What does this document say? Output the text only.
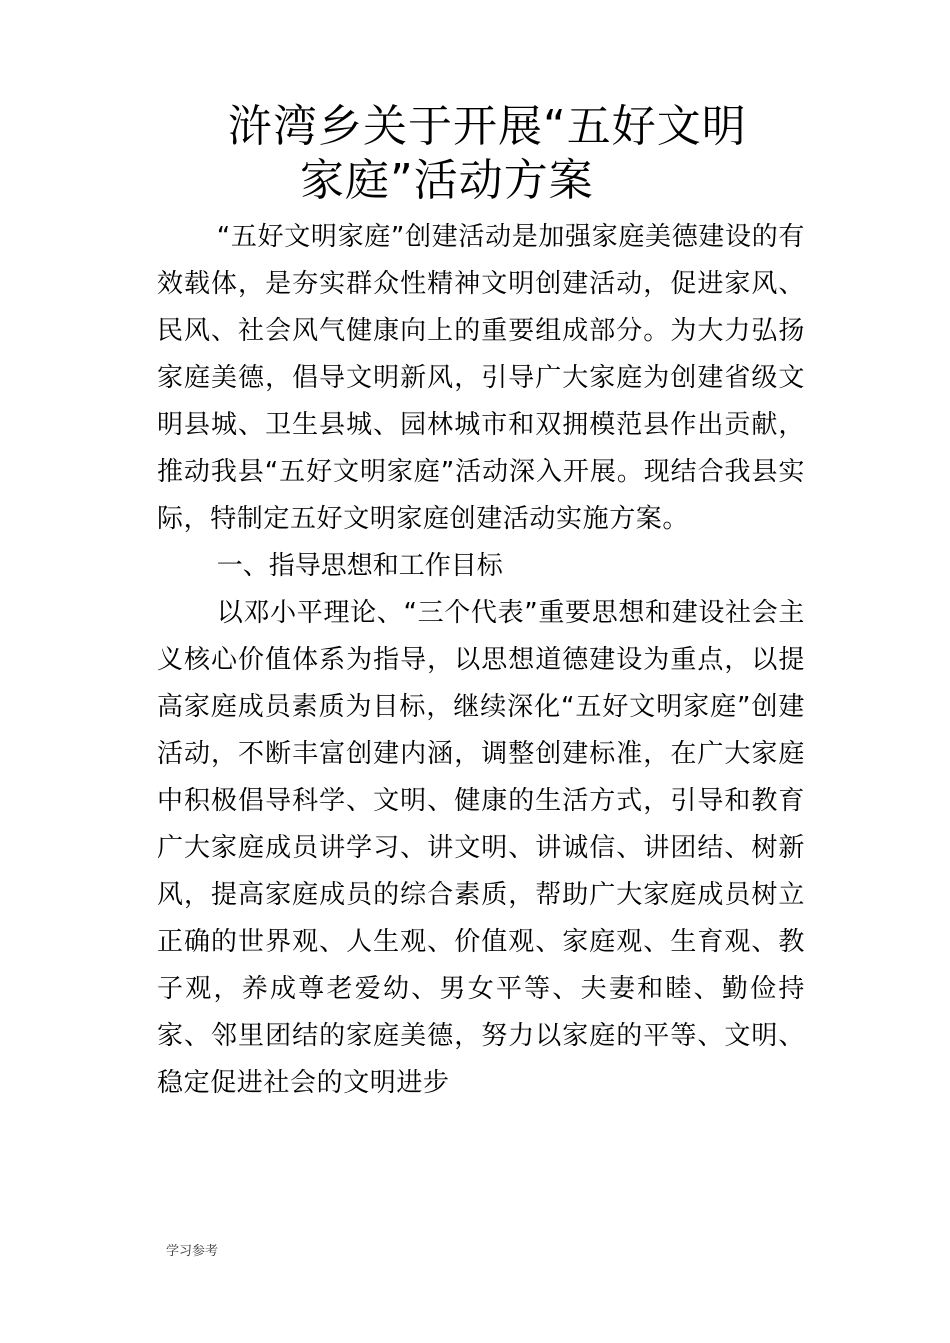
浒湾乡关于开展“五好文明
家庭”活动方案

“五好文明家庭”创建活动是加强家庭美德建设的有效载体，是夯实群众性精神文明创建活动，促进家风、民风、社会风气健康向上的重要组成部分。为大力弘扬家庭美德，倡导文明新风，引导广大家庭为创建省级文明县城、卫生县城、园林城市和双拥模范县作出贡献，推动我县“五好文明家庭”活动深入开展。现结合我县实际，特制定五好文明家庭创建活动实施方案。

一、指导思想和工作目标

以邓小平理论、“三个代表”重要思想和建设社会主义核心价值体系为指导，以思想道德建设为重点，以提高家庭成员素质为目标，继续深化“五好文明家庭”创建活动，不断丰富创建内涵，调整创建标准，在广大家庭中积极倡导科学、文明、健康的生活方式，引导和教育广大家庭成员讲学习、讲文明、讲诚信、讲团结、树新风，提高家庭成员的综合素质，帮助广大家庭成员树立正确的世界观、人生观、价值观、家庭观、生育观、教子观，养成尊老爱幼、男女平等、夫妻和睦、勤俭持家、邻里团结的家庭美德，努力以家庭的平等、文明、稳定促进社会的文明进步

学习参考
